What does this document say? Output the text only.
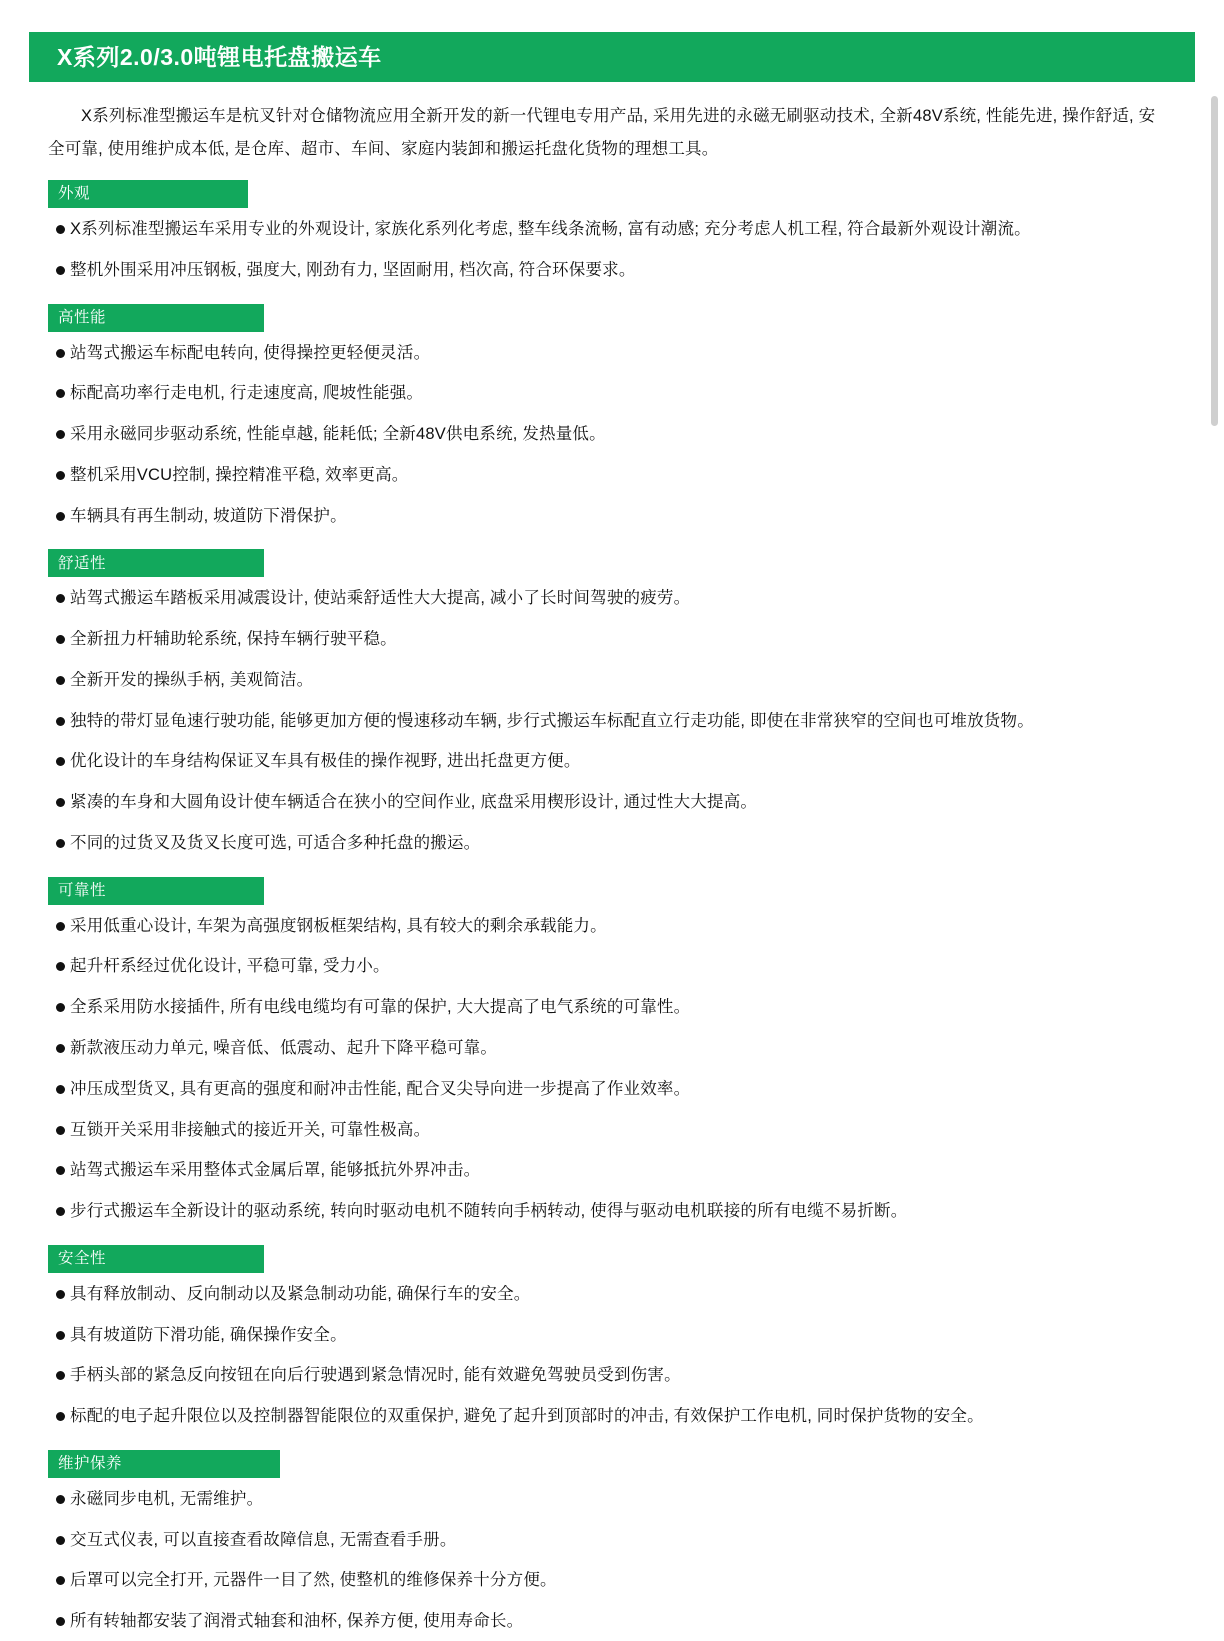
X系列2.0/3.0吨锂电托盘搬运车

X系列标准型搬运车是杭叉针对仓储物流应用全新开发的新一代锂电专用产品, 采用先进的永磁无刷驱动技术, 全新48V系统, 性能先进, 操作舒适, 安全可靠, 使用维护成本低, 是仓库、超市、车间、家庭内装卸和搬运托盘化货物的理想工具。

外观
X系列标准型搬运车采用专业的外观设计, 家族化系列化考虑, 整车线条流畅, 富有动感; 充分考虑人机工程, 符合最新外观设计潮流。
整机外围采用冲压钢板, 强度大, 刚劲有力, 坚固耐用, 档次高, 符合环保要求。
高性能
站驾式搬运车标配电转向, 使得操控更轻便灵活。
标配高功率行走电机, 行走速度高, 爬坡性能强。
采用永磁同步驱动系统, 性能卓越, 能耗低; 全新48V供电系统, 发热量低。
整机采用VCU控制, 操控精准平稳, 效率更高。
车辆具有再生制动, 坡道防下滑保护。
舒适性
站驾式搬运车踏板采用减震设计, 使站乘舒适性大大提高, 减小了长时间驾驶的疲劳。
全新扭力杆辅助轮系统, 保持车辆行驶平稳。
全新开发的操纵手柄, 美观简洁。
独特的带灯显龟速行驶功能, 能够更加方便的慢速移动车辆, 步行式搬运车标配直立行走功能, 即使在非常狭窄的空间也可堆放货物。
优化设计的车身结构保证叉车具有极佳的操作视野, 进出托盘更方便。
紧凑的车身和大圆角设计使车辆适合在狭小的空间作业, 底盘采用楔形设计, 通过性大大提高。
不同的过货叉及货叉长度可选, 可适合多种托盘的搬运。
可靠性
采用低重心设计, 车架为高强度钢板框架结构, 具有较大的剩余承载能力。
起升杆系经过优化设计, 平稳可靠, 受力小。
全系采用防水接插件, 所有电线电缆均有可靠的保护, 大大提高了电气系统的可靠性。
新款液压动力单元, 噪音低、低震动、起升下降平稳可靠。
冲压成型货叉, 具有更高的强度和耐冲击性能, 配合叉尖导向进一步提高了作业效率。
互锁开关采用非接触式的接近开关, 可靠性极高。
站驾式搬运车采用整体式金属后罩, 能够抵抗外界冲击。
步行式搬运车全新设计的驱动系统, 转向时驱动电机不随转向手柄转动, 使得与驱动电机联接的所有电缆不易折断。
安全性
具有释放制动、反向制动以及紧急制动功能, 确保行车的安全。
具有坡道防下滑功能, 确保操作安全。
手柄头部的紧急反向按钮在向后行驶遇到紧急情况时, 能有效避免驾驶员受到伤害。
标配的电子起升限位以及控制器智能限位的双重保护, 避免了起升到顶部时的冲击, 有效保护工作电机, 同时保护货物的安全。
维护保养
永磁同步电机, 无需维护。
交互式仪表, 可以直接查看故障信息, 无需查看手册。
后罩可以完全打开, 元器件一目了然, 使整机的维修保养十分方便。
所有转轴都安装了润滑式轴套和油杯, 保养方便, 使用寿命长。
